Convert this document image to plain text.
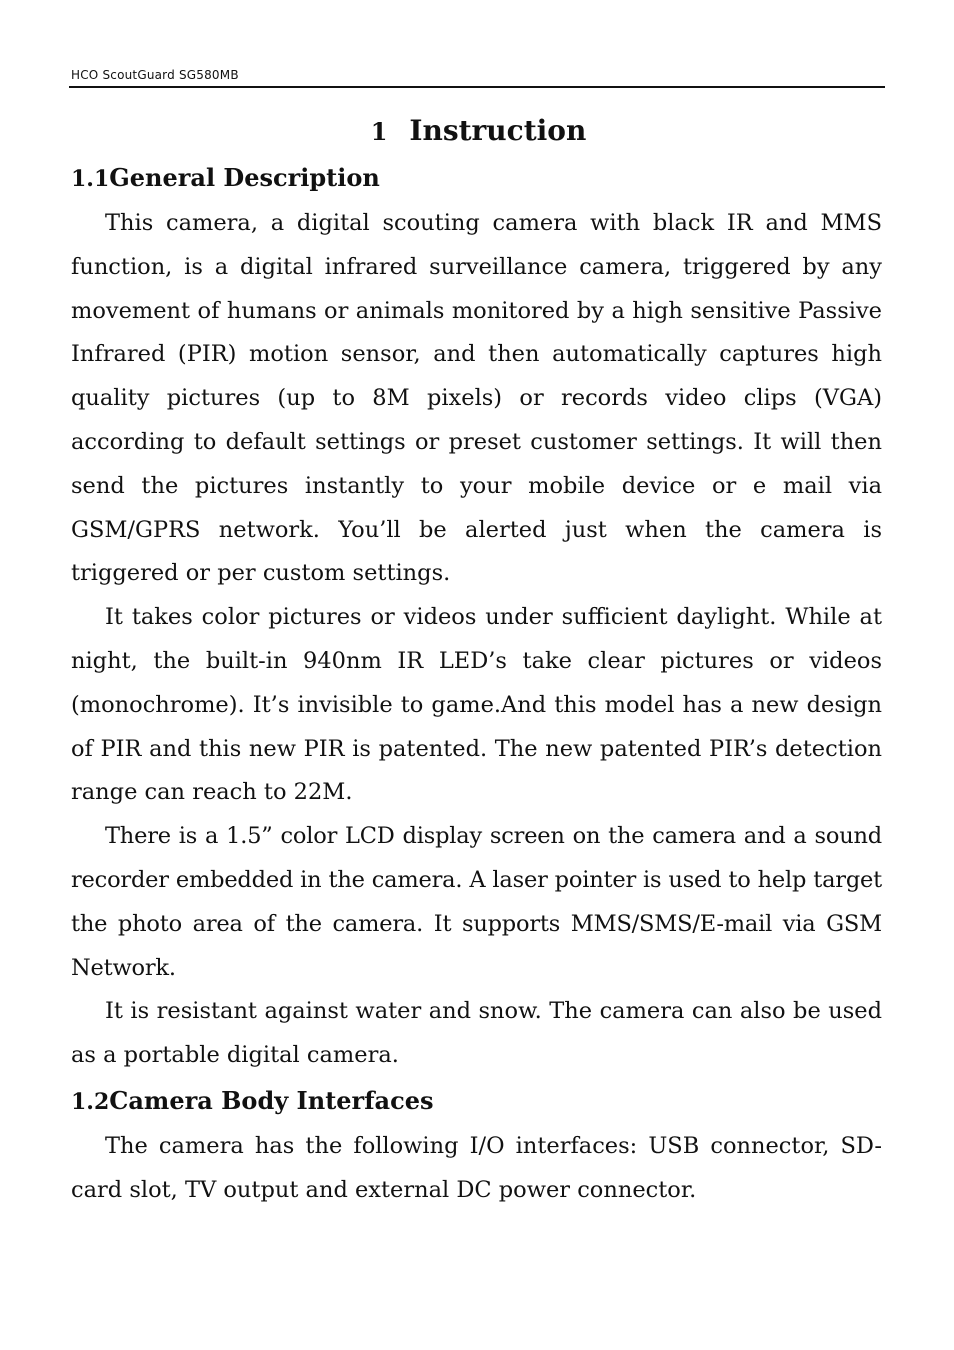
HCO ScoutGuard SG580MB
1 Instruction
1.1General Description

This camera, a digital scouting camera with black IR and MMS function, is a digital infrared surveillance camera, triggered by any movement of humans or animals monitored by a high sensitive Passive Infrared (PIR) motion sensor, and then automatically captures high quality pictures (up to 8M pixels) or records video clips (VGA) according to default settings or preset customer settings. It will then send the pictures instantly to your mobile device or e mail via GSM/GPRS network. You’ll be alerted just when the camera is triggered or per custom settings.

It takes color pictures or videos under sufficient daylight. While at night, the built-in 940nm IR LED’s take clear pictures or videos (monochrome). It’s invisible to game.And this model has a new design of PIR and this new PIR is patented. The new patented PIR’s detection range can reach to 22M.

There is a 1.5” color LCD display screen on the camera and a sound recorder embedded in the camera. A laser pointer is used to help target the photo area of the camera. It supports MMS/SMS/E-mail via GSM Network.

It is resistant against water and snow. The camera can also be used as a portable digital camera.

1.2Camera Body Interfaces

The camera has the following I/O interfaces: USB connector, SD-card slot, TV output and external DC power connector.
